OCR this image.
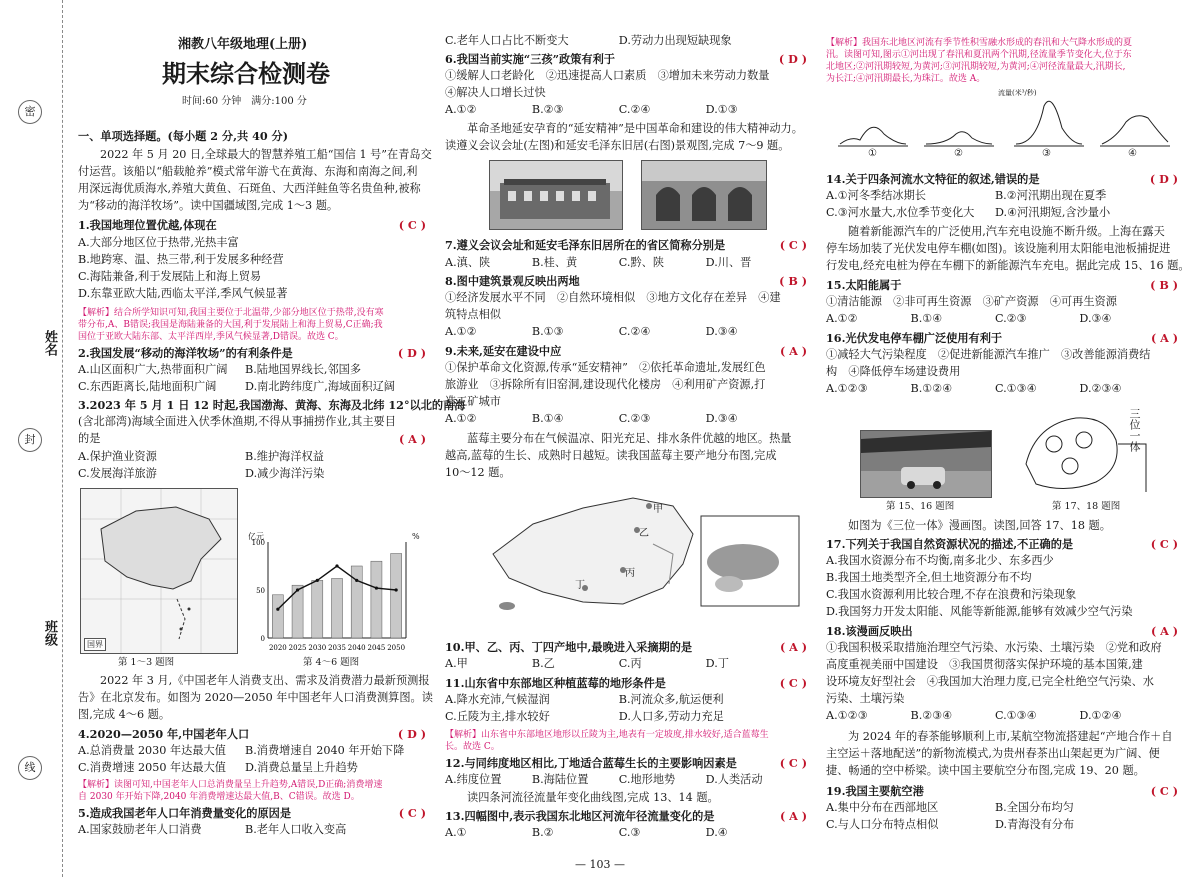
密
姓名
封
班级
线
湘教八年级地理(上册)
期末综合检测卷
时间:60 分钟　满分:100 分
一、单项选择题。(每小题 2 分,共 40 分)
2022 年 5 月 20 日,全球最大的智慧养殖工船“国信 1 号”在青岛交
付运营。该船以“船载舱养”模式常年游弋在黄海、东海和南海之间,利
用深远海优质海水,养殖大黄鱼、石斑鱼、大西洋鲑鱼等名贵鱼种,被称
为“移动的海洋牧场”。读中国疆域图,完成 1～3 题。
1.我国地理位置优越,体现在	( C )
A.大部分地区位于热带,光热丰富
B.地跨寒、温、热三带,利于发展多种经营
C.海陆兼备,利于发展陆上和海上贸易
D.东靠亚欧大陆,西临太平洋,季风气候显著
【解析】结合所学知识可知,我国主要位于北温带,少部分地区位于热带,没有寒
带分布,A、B错误;我国是海陆兼备的大国,利于发展陆上和海上贸易,C正确;我
国位于亚欧大陆东部、太平洋西岸,季风气候显著,D错误。故选 C。
2.我国发展“移动的海洋牧场”的有利条件是	( D )
A.山区面积广大,热带面积广阔 B.陆地国界线长,邻国多
C.东西距离长,陆地面积广阔	D.南北跨纬度广,海域面积辽阔
3.2023 年 5 月 1 日 12 时起,我国渤海、黄海、东海及北纬 12°以北的南海
(含北部湾)海域全面进入伏季休渔期,不得从事捕捞作业,其主要目
的是	( A )
A.保护渔业资源	B.维护海洋权益
C.发展海洋旅游	D.减少海洋污染
国界
第 1～3 题图
2020 2025 2030 2035 2040 2045 2050
0
50
100
亿元	%
第 4～6 题图
2022 年 3 月,《中国老年人消费支出、需求及消费潜力最新预测报
告》在北京发布。如图为 2020—2050 年中国老年人口消费测算图。读
图,完成 4～6 题。
4.2020—2050 年,中国老年人口	( D )
A.总消费量 2030 年达最大值 B.消费增速自 2040 年开始下降
C.消费增速 2050 年达最大值 D.消费总量呈上升趋势
【解析】读图可知,中国老年人口总消费量呈上升趋势,A错误,D正确;消费增速
自 2030 年开始下降,2040 年消费增速达最大值,B、C错误。故选 D。
5.造成我国老年人口年消费量变化的原因是	( C )
A.国家鼓励老年人口消费	B.老年人口收入变高
C.老年人口占比不断变大	D.劳动力出现短缺现象
6.我国当前实施“三孩”政策有利于	( D )
①缓解人口老龄化　②迅速提高人口素质　③增加未来劳动力数量
④解决人口增长过快
A.①②	B.②③	C.②④	D.①③
革命圣地延安孕育的“延安精神”是中国革命和建设的伟大精神动力。
读遵义会议会址(左图)和延安毛泽东旧居(右图)景观图,完成 7～9 题。
7.遵义会议会址和延安毛泽东旧居所在的省区简称分别是	( C )
A.滇、陕	B.桂、黄	C.黔、陕	D.川、晋
8.图中建筑景观反映出两地	( B )
①经济发展水平不同　②自然环境相似　③地方文化存在差异　④建
筑特点相似
A.①②	B.①③	C.②④	D.③④
9.未来,延安在建设中应	( A )
①保护革命文化资源,传承“延安精神”　②依托革命遗址,发展红色
旅游业　③拆除所有旧窑洞,建设现代化楼房　④利用矿产资源,打
造工矿城市
A.①②	B.①④	C.②③	D.③④
蓝莓主要分布在气候温凉、阳光充足、排水条件优越的地区。热量
越高,蓝莓的生长、成熟时日越短。读我国蓝莓主要产地分布图,完成
10～12 题。
甲
乙
丙
丁
10.甲、乙、丙、丁四产地中,最晚进入采摘期的是	( A )
A.甲	B.乙	C.丙	D.丁
11.山东省中东部地区种植蓝莓的地形条件是	( C )
A.降水充沛,气候湿润	B.河流众多,航运便利
C.丘陵为主,排水较好	D.人口多,劳动力充足
【解析】山东省中东部地区地形以丘陵为主,地表有一定坡度,排水较好,适合蓝莓生
长。故选 C。
12.与同纬度地区相比,丁地适合蓝莓生长的主要影响因素是	( C )
A.纬度位置	B.海陆位置	C.地形地势	D.人类活动
读四条河流径流量年变化曲线图,完成 13、14 题。
13.四幅图中,表示我国东北地区河流年径流量变化的是	( A )
A.①	B.②	C.③	D.④
— 103 —
【解析】我国东北地区河流有季节性积雪融水形成的春汛和大气降水形成的夏
汛。读图可知,图示①河出现了春汛和夏汛两个汛期,径流量季节变化大,位于东
北地区;②河汛期较短,为黄河;③河汛期较短,为黄河;④河径流量最大,汛期长,
为长江;④河汛期最长,为珠江。故选 A。
①	②	③	④
流量(米³/秒)
14.关于四条河流水文特征的叙述,错误的是	( D )
A.①河冬季结冰期长	B.②河汛期出现在夏季
C.③河水量大,水位季节变化大 D.④河汛期短,含沙量小
随着新能源汽车的广泛使用,汽车充电设施不断升级。上海在露天
停车场加装了光伏发电停车棚(如图)。该设施利用太阳能电池板捕捉进
行发电,经充电桩为停在车棚下的新能源汽车充电。据此完成 15、16 题。
15.太阳能属于	( B )
①清洁能源　②非可再生资源　③矿产资源　④可再生资源
A.①②	B.①④	C.②③	D.③④
16.光伏发电停车棚广泛使用有利于	( A )
①减轻大气污染程度　②促进新能源汽车推广　③改善能源消费结
构　④降低停车场建设费用
A.①②③	B.①②④	C.①③④	D.②③④
第 15、16 题图
三位一体
第 17、18 题图
如图为《三位一体》漫画图。读图,回答 17、18 题。
17.下列关于我国自然资源状况的描述,不正确的是	( C )
A.我国水资源分布不均衡,南多北少、东多西少
B.我国土地类型齐全,但土地资源分布不均
C.我国水资源利用比较合理,不存在浪费和污染现象
D.我国努力开发太阳能、风能等新能源,能够有效减少空气污染
18.该漫画反映出	( A )
①我国积极采取措施治理空气污染、水污染、土壤污染　②党和政府
高度重视美丽中国建设　③我国贯彻落实保护环境的基本国策,建
设环境友好型社会　④我国加大治理力度,已完全杜绝空气污染、水
污染、土壤污染
A.①②③	B.②③④	C.①③④	D.①②④
为 2024 年的春茶能够顺利上市,某航空物流搭建起“产地合作＋自
主空运＋落地配送”的新物流模式,为贵州春茶出山架起更为广阔、便
捷、畅通的空中桥梁。读中国主要航空分布图,完成 19、20 题。
19.我国主要航空港	( C )
A.集中分布在西部地区	B.全国分布均匀
C.与人口分布特点相似	D.青海没有分布
